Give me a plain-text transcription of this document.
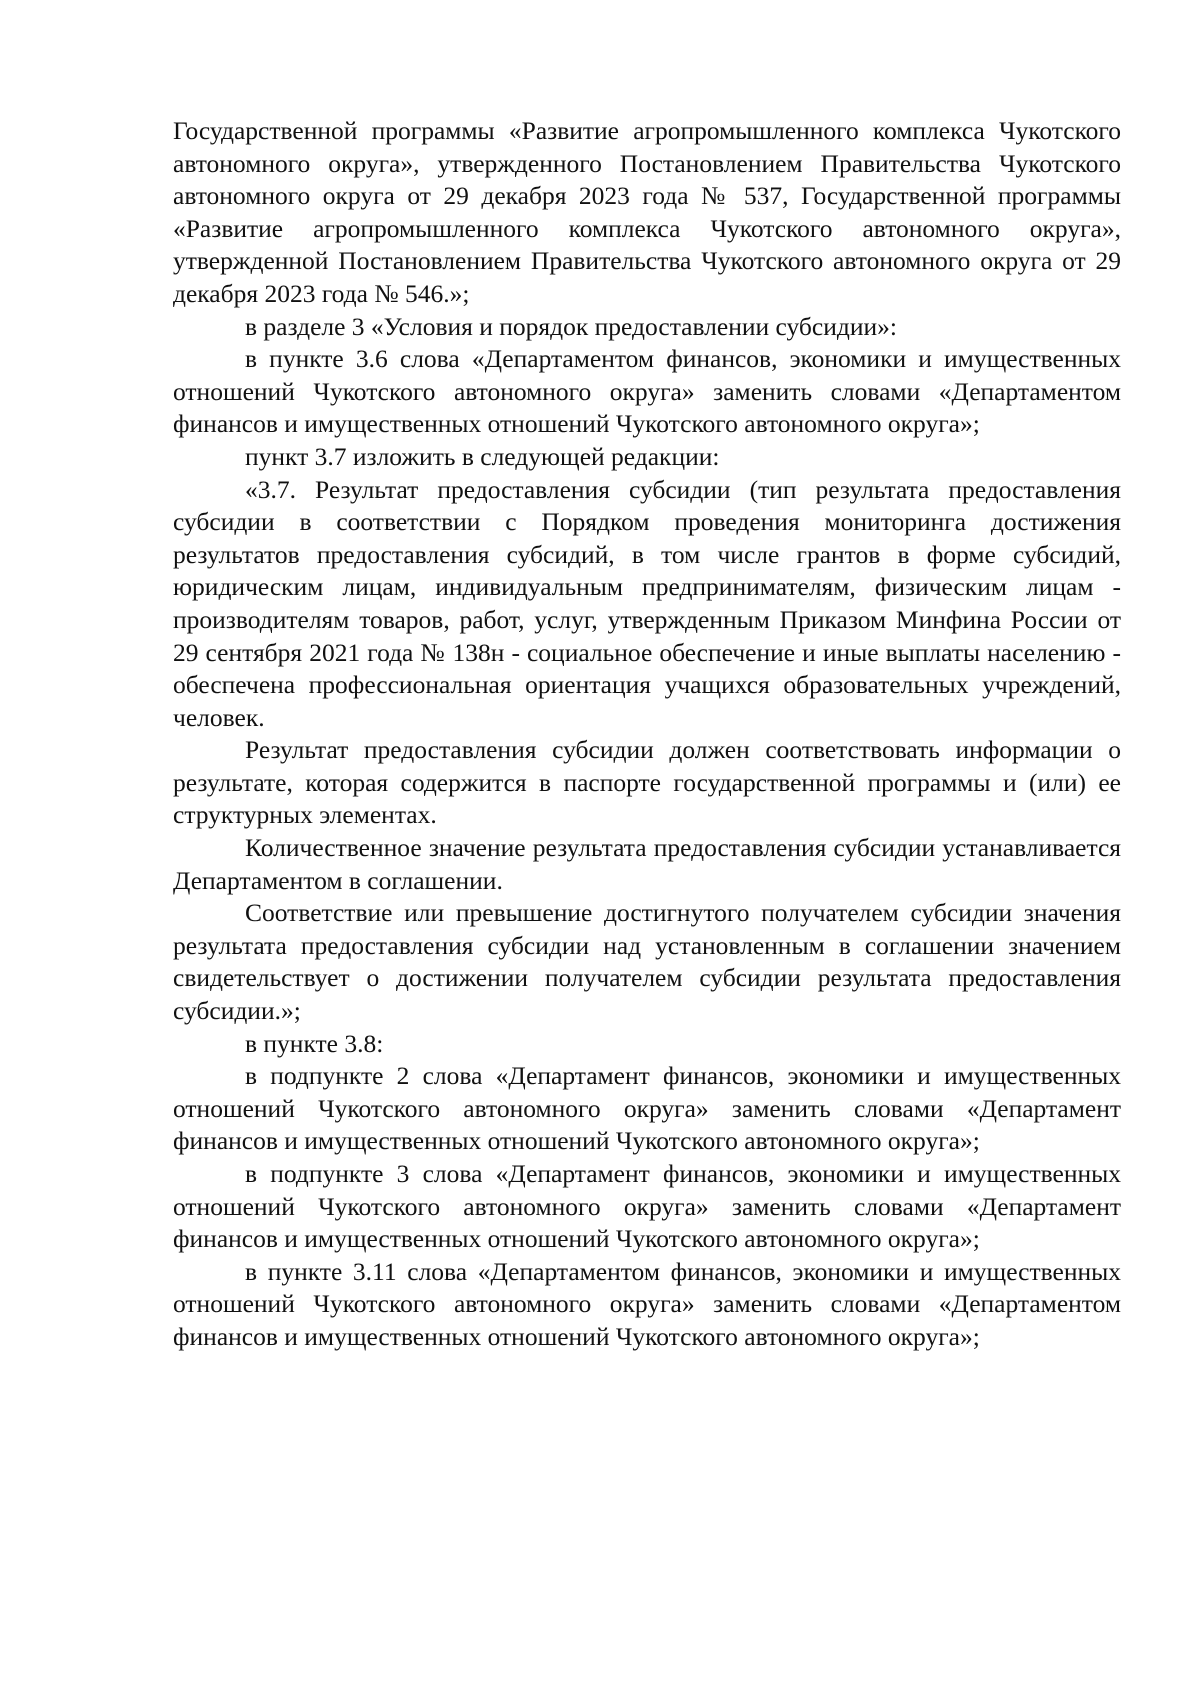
Государственной программы «Развитие агропромышленного комплекса Чукотского автономного округа», утвержденного Постановлением Правительства Чукотского автономного округа от 29 декабря 2023 года № 537, Государственной программы «Развитие агропромышленного комплекса Чукотского автономного округа», утвержденной Постановлением Правительства Чукотского автономного округа от 29 декабря 2023 года № 546.»;

в разделе 3 «Условия и порядок предоставлении субсидии»:

в пункте 3.6 слова «Департаментом финансов, экономики и имущественных отношений Чукотского автономного округа» заменить словами «Департаментом финансов и имущественных отношений Чукотского автономного округа»;

пункт 3.7 изложить в следующей редакции:

«3.7. Результат предоставления субсидии (тип результата предоставления субсидии в соответствии с Порядком проведения мониторинга достижения результатов предоставления субсидий, в том числе грантов в форме субсидий, юридическим лицам, индивидуальным предпринимателям, физическим лицам - производителям товаров, работ, услуг, утвержденным Приказом Минфина России от 29 сентября 2021 года № 138н - социальное обеспечение и иные выплаты населению - обеспечена профессиональная ориентация учащихся образовательных учреждений, человек.

Результат предоставления субсидии должен соответствовать информации о результате, которая содержится в паспорте государственной программы и (или) ее структурных элементах.

Количественное значение результата предоставления субсидии устанавливается Департаментом в соглашении.

Соответствие или превышение достигнутого получателем субсидии значения результата предоставления субсидии над установленным в соглашении значением свидетельствует о достижении получателем субсидии результата предоставления субсидии.»;

в пункте 3.8:

в подпункте 2 слова «Департамент финансов, экономики и имущественных отношений Чукотского автономного округа» заменить словами «Департамент финансов и имущественных отношений Чукотского автономного округа»;

в подпункте 3 слова «Департамент финансов, экономики и имущественных отношений Чукотского автономного округа» заменить словами «Департамент финансов и имущественных отношений Чукотского автономного округа»;

в пункте 3.11 слова «Департаментом финансов, экономики и имущественных отношений Чукотского автономного округа» заменить словами «Департаментом финансов и имущественных отношений Чукотского автономного округа»;
